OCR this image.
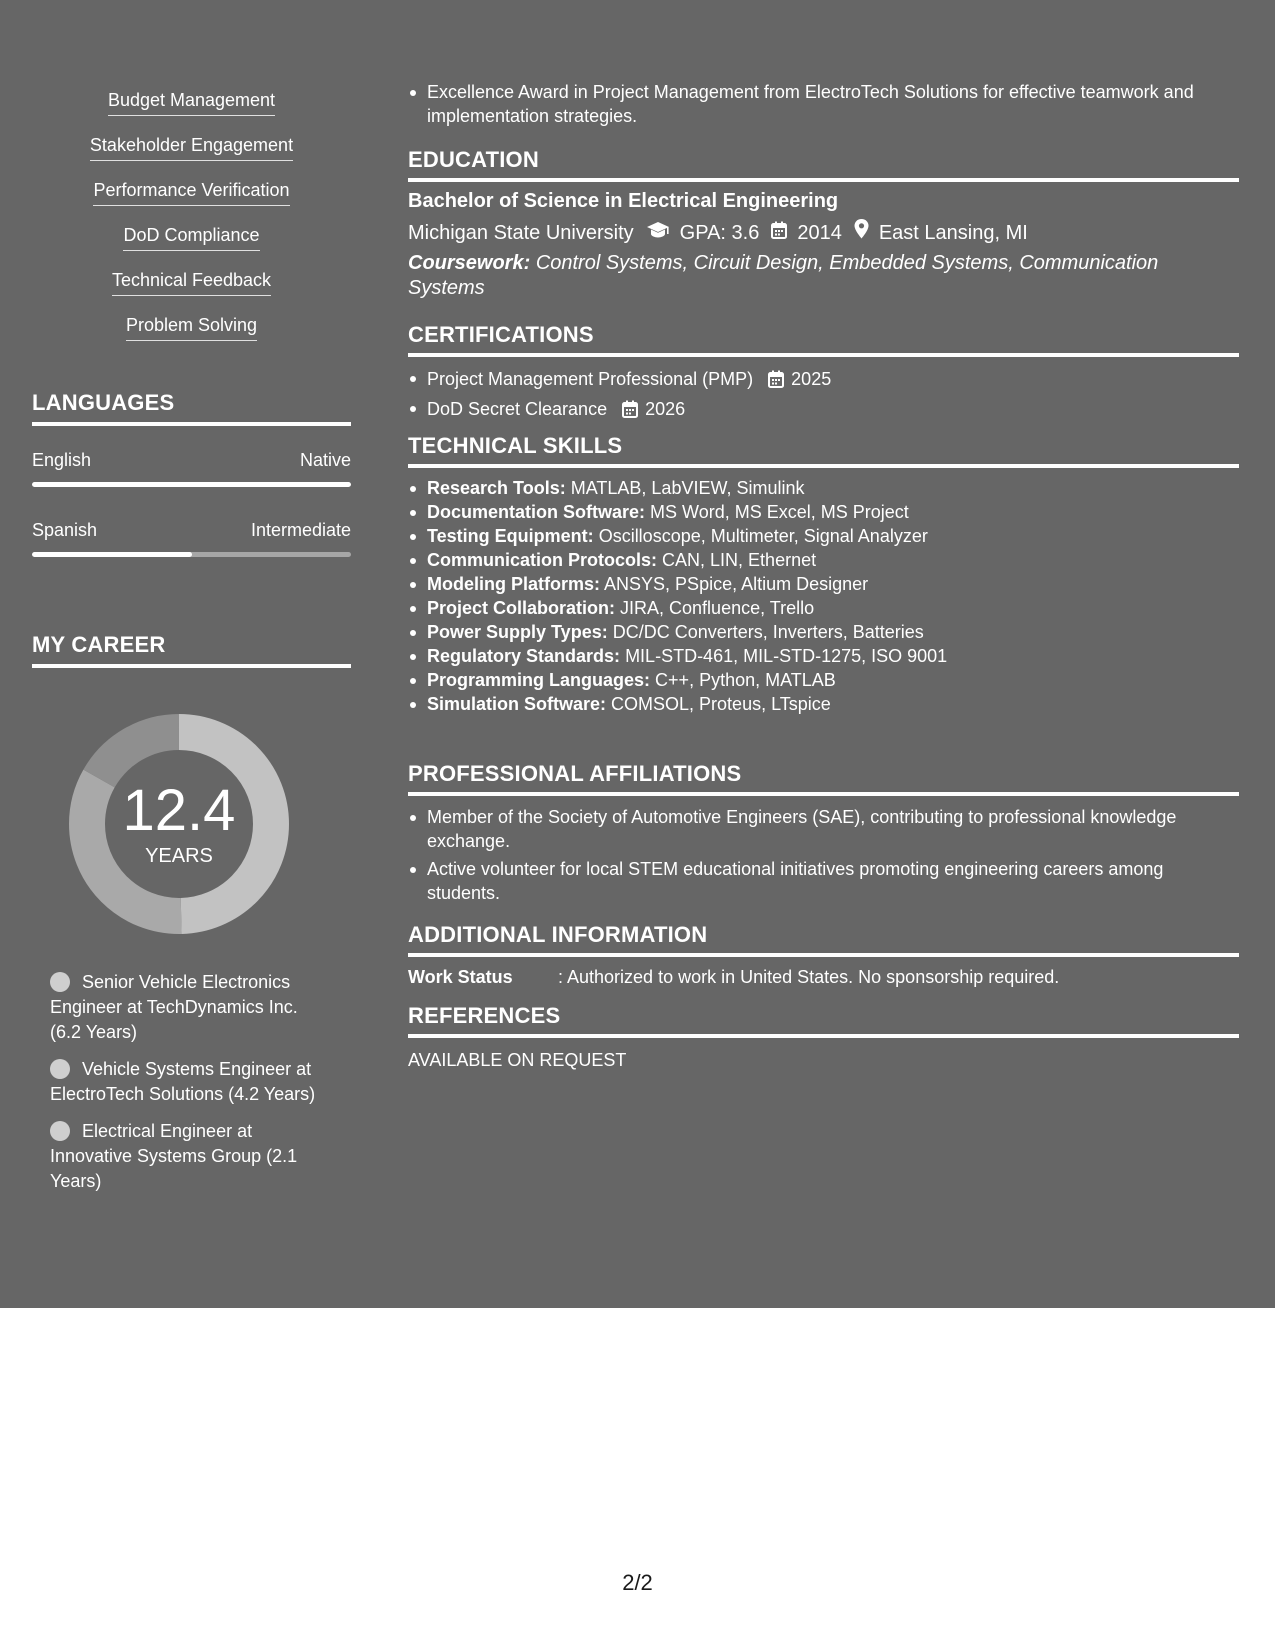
Budget Management
Stakeholder Engagement
Performance Verification
DoD Compliance
Technical Feedback
Problem Solving
LANGUAGES
English	Native
Spanish	Intermediate
MY CAREER
12.4
YEARS
Senior Vehicle Electronics Engineer at TechDynamics Inc. (6.2 Years)
Vehicle Systems Engineer at ElectroTech Solutions (4.2 Years)
Electrical Engineer at Innovative Systems Group (2.1 Years)
Excellence Award in Project Management from ElectroTech Solutions for effective teamwork and implementation strategies.
EDUCATION
Bachelor of Science in Electrical Engineering
Michigan State University GPA: 3.6 2014 East Lansing, MI
Coursework: Control Systems, Circuit Design, Embedded Systems, Communication Systems
CERTIFICATIONS
Project Management Professional (PMP) 2025
DoD Secret Clearance 2026
TECHNICAL SKILLS
Research Tools: MATLAB, LabVIEW, Simulink
Documentation Software: MS Word, MS Excel, MS Project
Testing Equipment: Oscilloscope, Multimeter, Signal Analyzer
Communication Protocols: CAN, LIN, Ethernet
Modeling Platforms: ANSYS, PSpice, Altium Designer
Project Collaboration: JIRA, Confluence, Trello
Power Supply Types: DC/DC Converters, Inverters, Batteries
Regulatory Standards: MIL-STD-461, MIL-STD-1275, ISO 9001
Programming Languages: C++, Python, MATLAB
Simulation Software: COMSOL, Proteus, LTspice
PROFESSIONAL AFFILIATIONS
Member of the Society of Automotive Engineers (SAE), contributing to professional knowledge exchange.
Active volunteer for local STEM educational initiatives promoting engineering careers among students.
ADDITIONAL INFORMATION
Work Status	: Authorized to work in United States. No sponsorship required.
REFERENCES
AVAILABLE ON REQUEST
2/2
